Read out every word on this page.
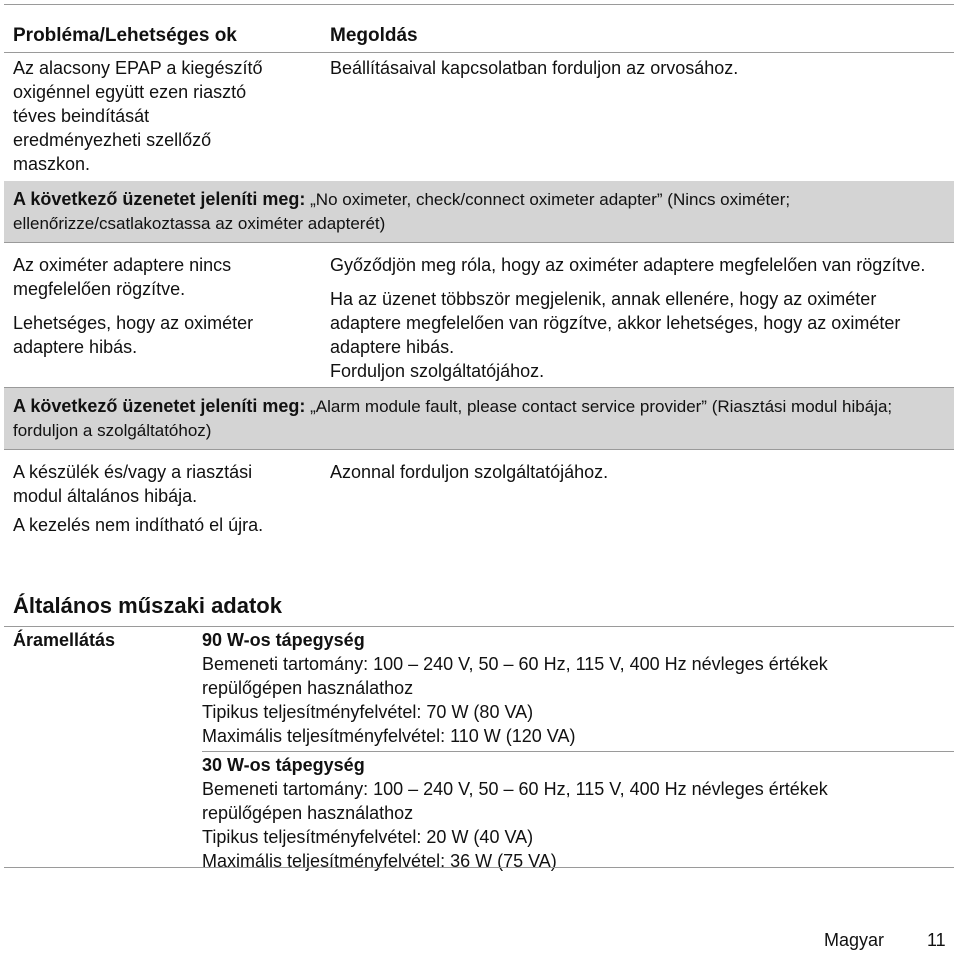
Probléma/Lehetséges ok	Megoldás
Az alacsony EPAP a kiegészítő
oxigénnel együtt ezen riasztó
téves beindítását
eredményezheti szellőző
maszkon.
Beállításaival kapcsolatban forduljon az orvosához.
A következő üzenetet jeleníti meg: „No oximeter, check/connect oximeter adapter” (Nincs oximéter; ellenőrizze/csatlakoztassa az oximéter adapterét)

Az oximéter adaptere nincs megfelelően rögzítve.

Lehetséges, hogy az oximéter adaptere hibás.

Győződjön meg róla, hogy az oximéter adaptere megfelelően van rögzítve.

Ha az üzenet többször megjelenik, annak ellenére, hogy az oximéter adaptere megfelelően van rögzítve, akkor lehetséges, hogy az oximéter adaptere hibás.

Forduljon szolgáltatójához.

A következő üzenetet jeleníti meg: „Alarm module fault, please contact service provider” (Riasztási modul hibája; forduljon a szolgáltatóhoz)

A készülék és/vagy a riasztási modul általános hibája.

A kezelés nem indítható el újra.

Azonnal forduljon szolgáltatójához.
Általános műszaki adatok
Áramellátás	90 W-os tápegység
Bemeneti tartomány: 100 – 240 V, 50 – 60 Hz, 115 V, 400 Hz névleges értékek
repülőgépen használathoz
Tipikus teljesítményfelvétel: 70 W (80 VA)
Maximális teljesítményfelvétel: 110 W (120 VA)
30 W-os tápegység
Bemeneti tartomány: 100 – 240 V, 50 – 60 Hz, 115 V, 400 Hz névleges értékek
repülőgépen használathoz
Tipikus teljesítményfelvétel: 20 W (40 VA)
Maximális teljesítményfelvétel: 36 W (75 VA)
Magyar 11
